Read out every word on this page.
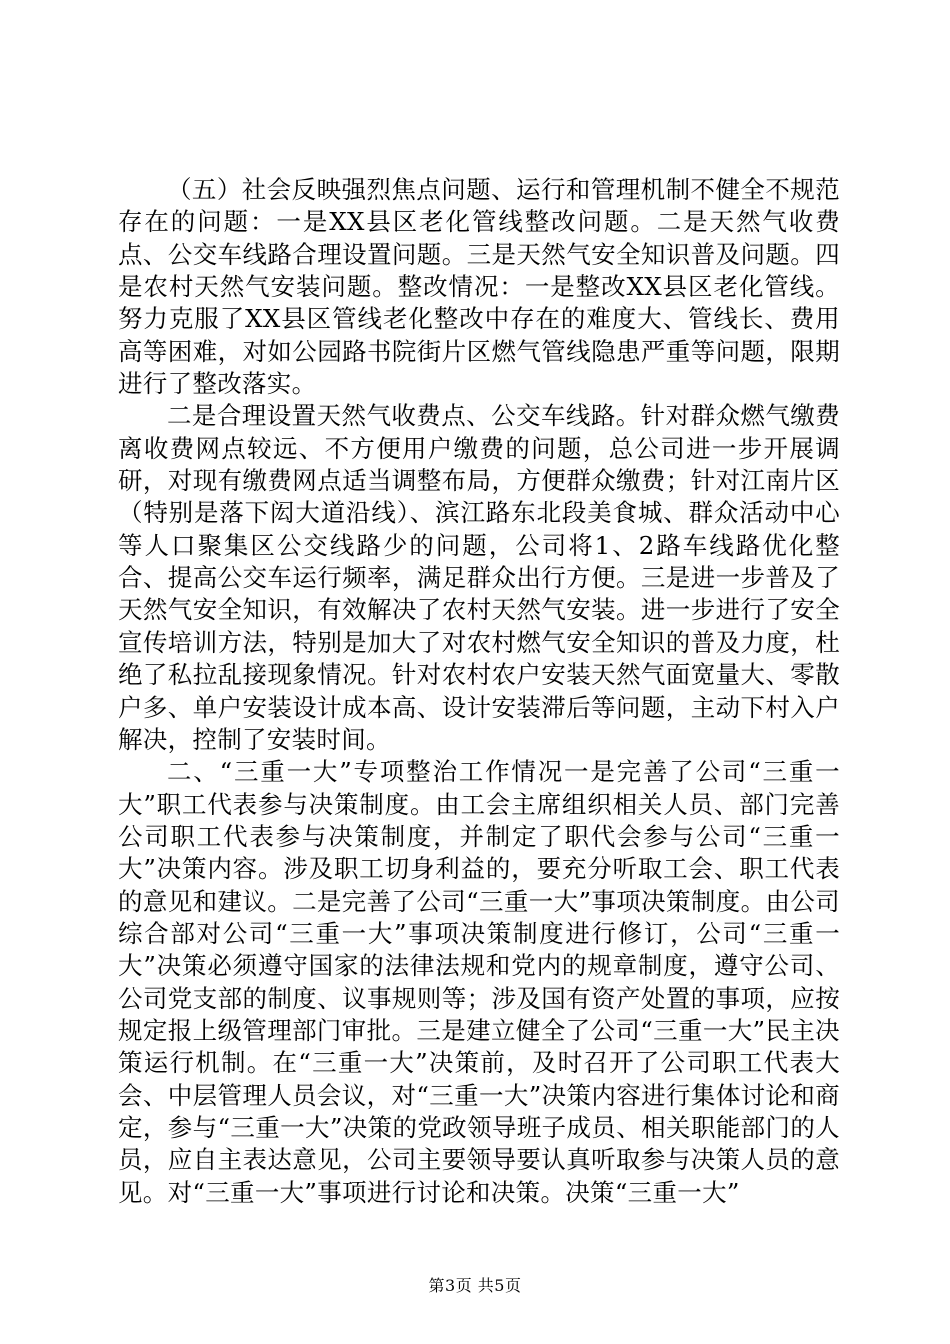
（五）社会反映强烈焦点问题、运行和管理机制不健全不规范存在的问题：一是XX县区老化管线整改问题。二是天然气收费点、公交车线路合理设置问题。三是天然气安全知识普及问题。四是农村天然气安装问题。整改情况：一是整改XX县区老化管线。努力克服了XX县区管线老化整改中存在的难度大、管线长、费用高等困难，对如公园路书院街片区燃气管线隐患严重等问题，限期进行了整改落实。

二是合理设置天然气收费点、公交车线路。针对群众燃气缴费离收费网点较远、不方便用户缴费的问题，总公司进一步开展调研，对现有缴费网点适当调整布局，方便群众缴费；针对江南片区（特别是落下闳大道沿线）、滨江路东北段美食城、群众活动中心等人口聚集区公交线路少的问题，公司将1、2路车线路优化整合、提高公交车运行频率，满足群众出行方便。三是进一步普及了天然气安全知识，有效解决了农村天然气安装。进一步进行了安全宣传培训方法，特别是加大了对农村燃气安全知识的普及力度，杜绝了私拉乱接现象情况。针对农村农户安装天然气面宽量大、零散户多、单户安装设计成本高、设计安装滞后等问题，主动下村入户解决，控制了安装时间。

二、“三重一大”专项整治工作情况一是完善了公司“三重一大”职工代表参与决策制度。由工会主席组织相关人员、部门完善公司职工代表参与决策制度，并制定了职代会参与公司“三重一大”决策内容。涉及职工切身利益的，要充分听取工会、职工代表的意见和建议。二是完善了公司“三重一大”事项决策制度。由公司综合部对公司“三重一大”事项决策制度进行修订，公司“三重一大”决策必须遵守国家的法律法规和党内的规章制度，遵守公司、公司党支部的制度、议事规则等；涉及国有资产处置的事项，应按规定报上级管理部门审批。三是建立健全了公司“三重一大”民主决策运行机制。在“三重一大”决策前，及时召开了公司职工代表大会、中层管理人员会议，对“三重一大”决策内容进行集体讨论和商定，参与“三重一大”决策的党政领导班子成员、相关职能部门的人员，应自主表达意见，公司主要领导要认真听取参与决策人员的意见。对“三重一大”事项进行讨论和决策。决策“三重一大”

第3页 共5页
